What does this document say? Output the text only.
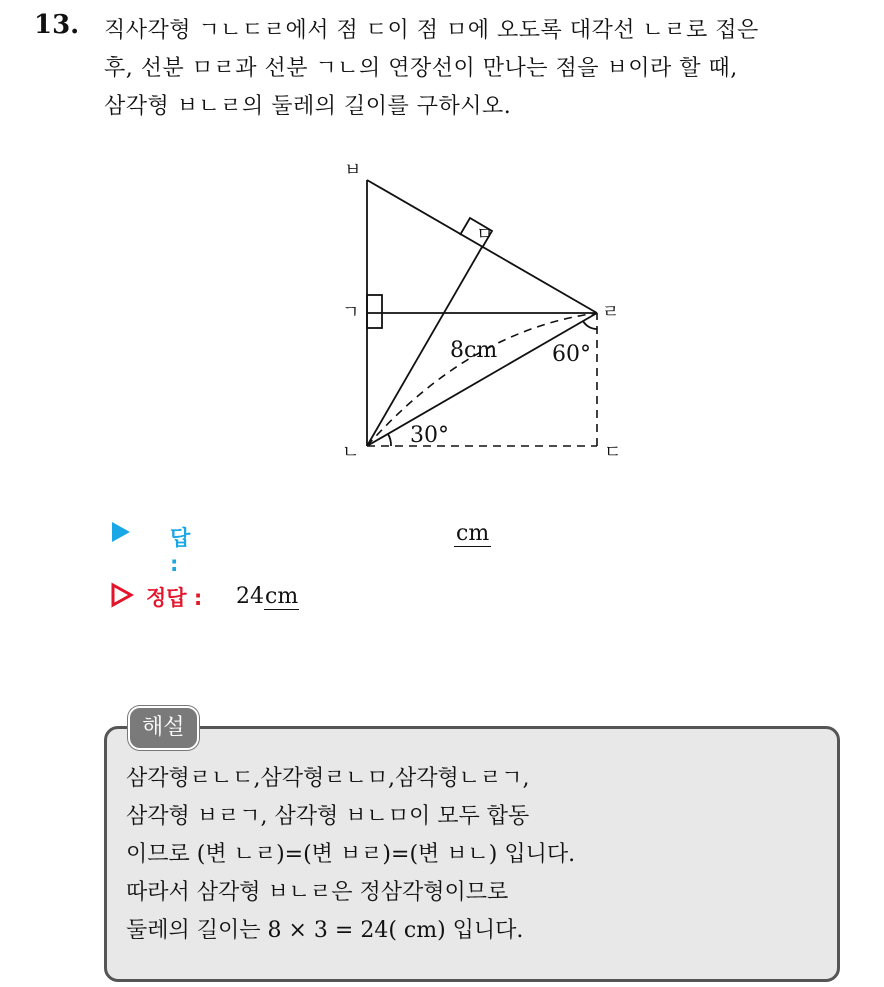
13. 직사각형 ㄱㄴㄷㄹ에서 점 ㄷ이 점 ㅁ에 오도록 대각선 ㄴㄹ로 접은
후, 선분 ㅁㄹ과 선분 ㄱㄴ의 연장선이 만나는 점을 ㅂ이라 할 때,
삼각형 ㅂㄴㄹ의 둘레의 길이를 구하시오.
ㅂ
ㅁ
ㄱ	ㄹ
ㄴ	ㄷ
8cm 60°
30°
답 :
cm
정답 : 24cm
해설
삼각형ㄹㄴㄷ,삼각형ㄹㄴㅁ,삼각형ㄴㄹㄱ,
삼각형 ㅂㄹㄱ, 삼각형 ㅂㄴㅁ이 모두 합동
이므로 (변 ㄴㄹ)=(변 ㅂㄹ)=(변 ㅂㄴ) 입니다.
따라서 삼각형 ㅂㄴㄹ은 정삼각형이므로
둘레의 길이는 8 × 3 = 24( cm) 입니다.
